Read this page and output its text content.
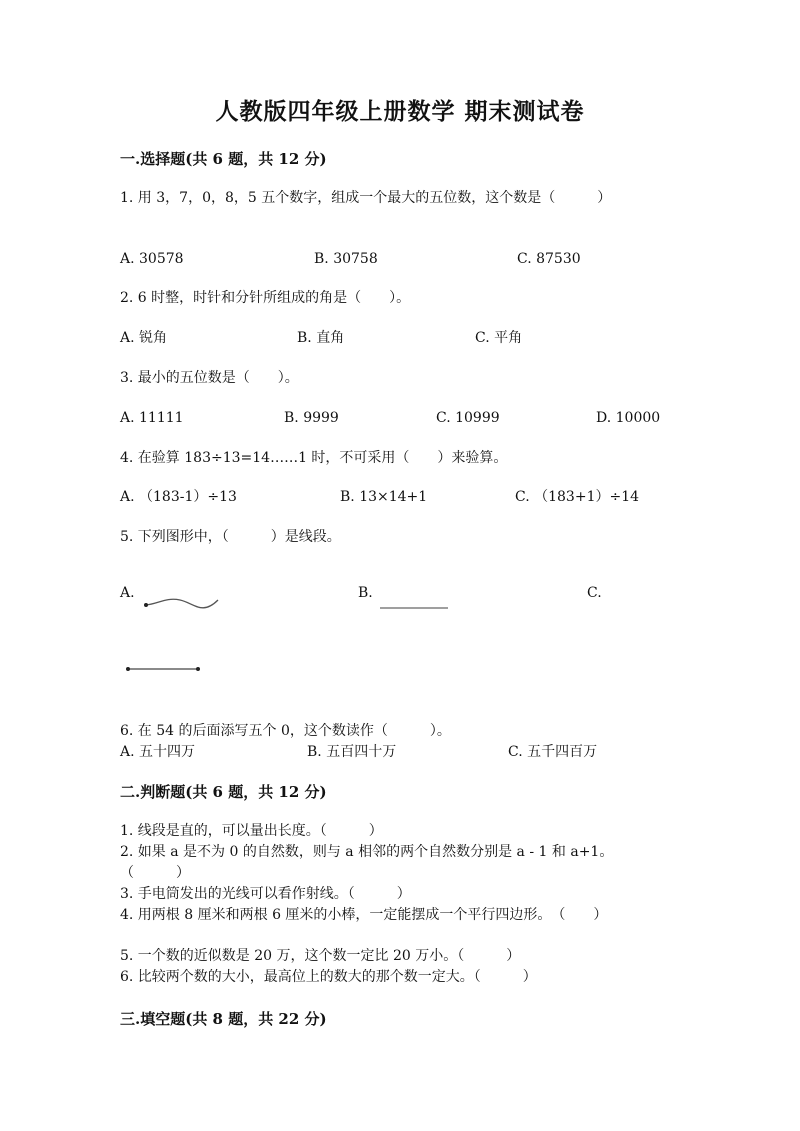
人教版四年级上册数学 期末测试卷
一.选择题(共 6 题，共 12 分)
1. 用 3，7，0，8，5 五个数字，组成一个最大的五位数，这个数是（　　　）
A. 30578	B. 30758	C. 87530
2. 6 时整，时针和分针所组成的角是（　　）。
A. 锐角	B. 直角	C. 平角
3. 最小的五位数是（　　）。
A. 11111	B. 9999	C. 10999	D. 10000
4. 在验算 183÷13=14……1 时，不可采用（　　）来验算。
A. （183-1）÷13	B. 13×14+1	C. （183+1）÷14
5. 下列图形中，（　　　）是线段。
A.	B.	C.
6. 在 54 的后面添写五个 0，这个数读作（　　　）。
A. 五十四万	B. 五百四十万	C. 五千四百万
二.判断题(共 6 题，共 12 分)
1. 线段是直的，可以量出长度。（　　　）
2. 如果 a 是不为 0 的自然数，则与 a 相邻的两个自然数分别是 a - 1 和 a+1。
（　　　）
3. 手电筒发出的光线可以看作射线。（　　　）
4. 用两根 8 厘米和两根 6 厘米的小棒，一定能摆成一个平行四边形。　（　　）
5. 一个数的近似数是 20 万，这个数一定比 20 万小。（　　　）
6. 比较两个数的大小，最高位上的数大的那个数一定大。（　　　）
三.填空题(共 8 题，共 22 分)
